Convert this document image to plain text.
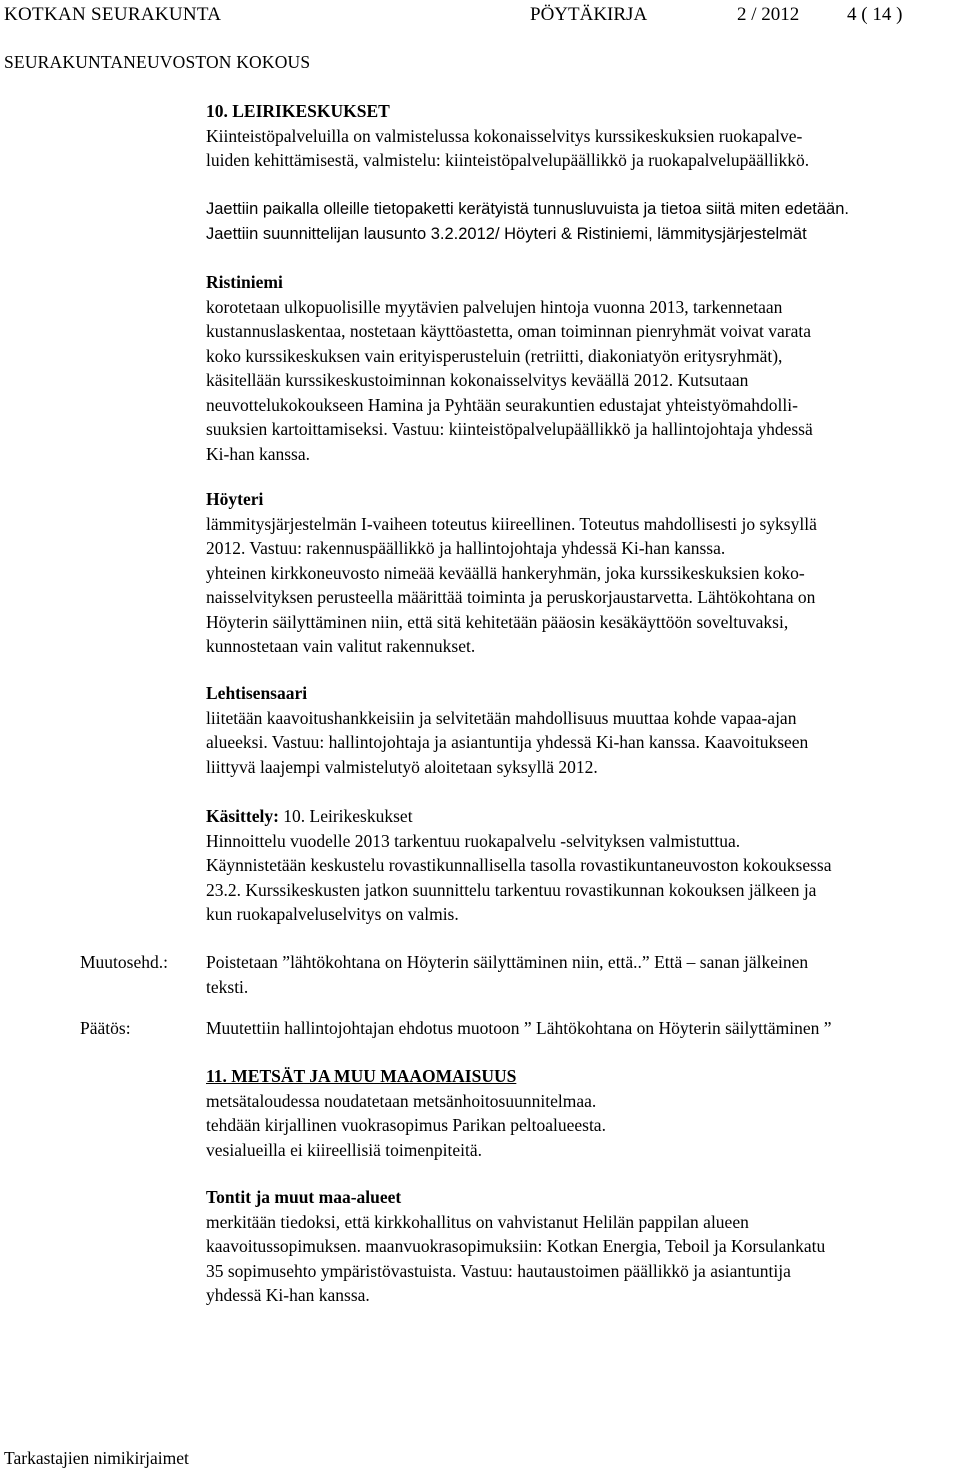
KOTKAN SEURAKUNTA	PÖYTÄKIRJA	2 / 2012	4 ( 14 )
SEURAKUNTANEUVOSTON KOKOUS

10. LEIRIKESKUKSET

Kiinteistöpalveluilla on valmistelussa kokonaisselvitys kurssikeskuksien ruokapalve-

luiden kehittämisestä, valmistelu: kiinteistöpalvelupäällikkö ja ruokapalvelupäällikkö.

Jaettiin paikalla olleille tietopaketti kerätyistä tunnusluvuista ja tietoa siitä miten edetään.

Jaettiin suunnittelijan lausunto 3.2.2012/ Höyteri & Ristiniemi, lämmitysjärjestelmät

Ristiniemi

korotetaan ulkopuolisille myytävien palvelujen hintoja vuonna 2013, tarkennetaan

kustannuslaskentaa, nostetaan käyttöastetta, oman toiminnan pienryhmät voivat varata

koko kurssikeskuksen vain erityisperusteluin (retriitti, diakoniatyön eritysryhmät),

käsitellään kurssikeskustoiminnan kokonaisselvitys keväällä 2012. Kutsutaan

neuvottelukokoukseen Hamina ja Pyhtään seurakuntien edustajat yhteistyömahdolli-

suuksien kartoittamiseksi. Vastuu: kiinteistöpalvelupäällikkö ja hallintojohtaja yhdessä

Ki-han kanssa.

Höyteri

lämmitysjärjestelmän I-vaiheen toteutus kiireellinen. Toteutus mahdollisesti jo syksyllä

2012. Vastuu: rakennuspäällikkö ja hallintojohtaja yhdessä Ki-han kanssa.

yhteinen kirkkoneuvosto nimeää keväällä hankeryhmän, joka kurssikeskuksien koko-

naisselvityksen perusteella määrittää toiminta ja peruskorjaustarvetta. Lähtökohtana on

Höyterin säilyttäminen niin, että sitä kehitetään pääosin kesäkäyttöön soveltuvaksi,

kunnostetaan vain valitut rakennukset.

Lehtisensaari

liitetään kaavoitushankkeisiin ja selvitetään mahdollisuus muuttaa kohde vapaa-ajan

alueeksi. Vastuu: hallintojohtaja ja asiantuntija yhdessä Ki-han kanssa. Kaavoitukseen

liittyvä laajempi valmistelutyö aloitetaan syksyllä 2012.

Käsittely: 10. Leirikeskukset

Hinnoittelu vuodelle 2013 tarkentuu ruokapalvelu -selvityksen valmistuttua.

Käynnistetään keskustelu rovastikunnallisella tasolla rovastikuntaneuvoston kokouksessa

23.2. Kurssikeskusten jatkon suunnittelu tarkentuu rovastikunnan kokouksen jälkeen ja

kun ruokapalveluselvitys on valmis.

Muutosehd.: Poistetaan ”lähtökohtana on Höyterin säilyttäminen niin, että..” Että – sanan jälkeinen

teksti.

Päätös:	Muutettiin hallintojohtajan ehdotus muotoon ” Lähtökohtana on Höyterin säilyttäminen ”

11. METSÄT JA MUU MAAOMAISUUS

metsätaloudessa noudatetaan metsänhoitosuunnitelmaa.

tehdään kirjallinen vuokrasopimus Parikan peltoalueesta.

vesialueilla ei kiireellisiä toimenpiteitä.

Tontit ja muut maa-alueet

merkitään tiedoksi, että kirkkohallitus on vahvistanut Helilän pappilan alueen

kaavoitussopimuksen. maanvuokrasopimuksiin: Kotkan Energia, Teboil ja Korsulankatu

35 sopimusehto ympäristövastuista. Vastuu: hautaustoimen päällikkö ja asiantuntija

yhdessä Ki-han kanssa.

Tarkastajien nimikirjaimet
